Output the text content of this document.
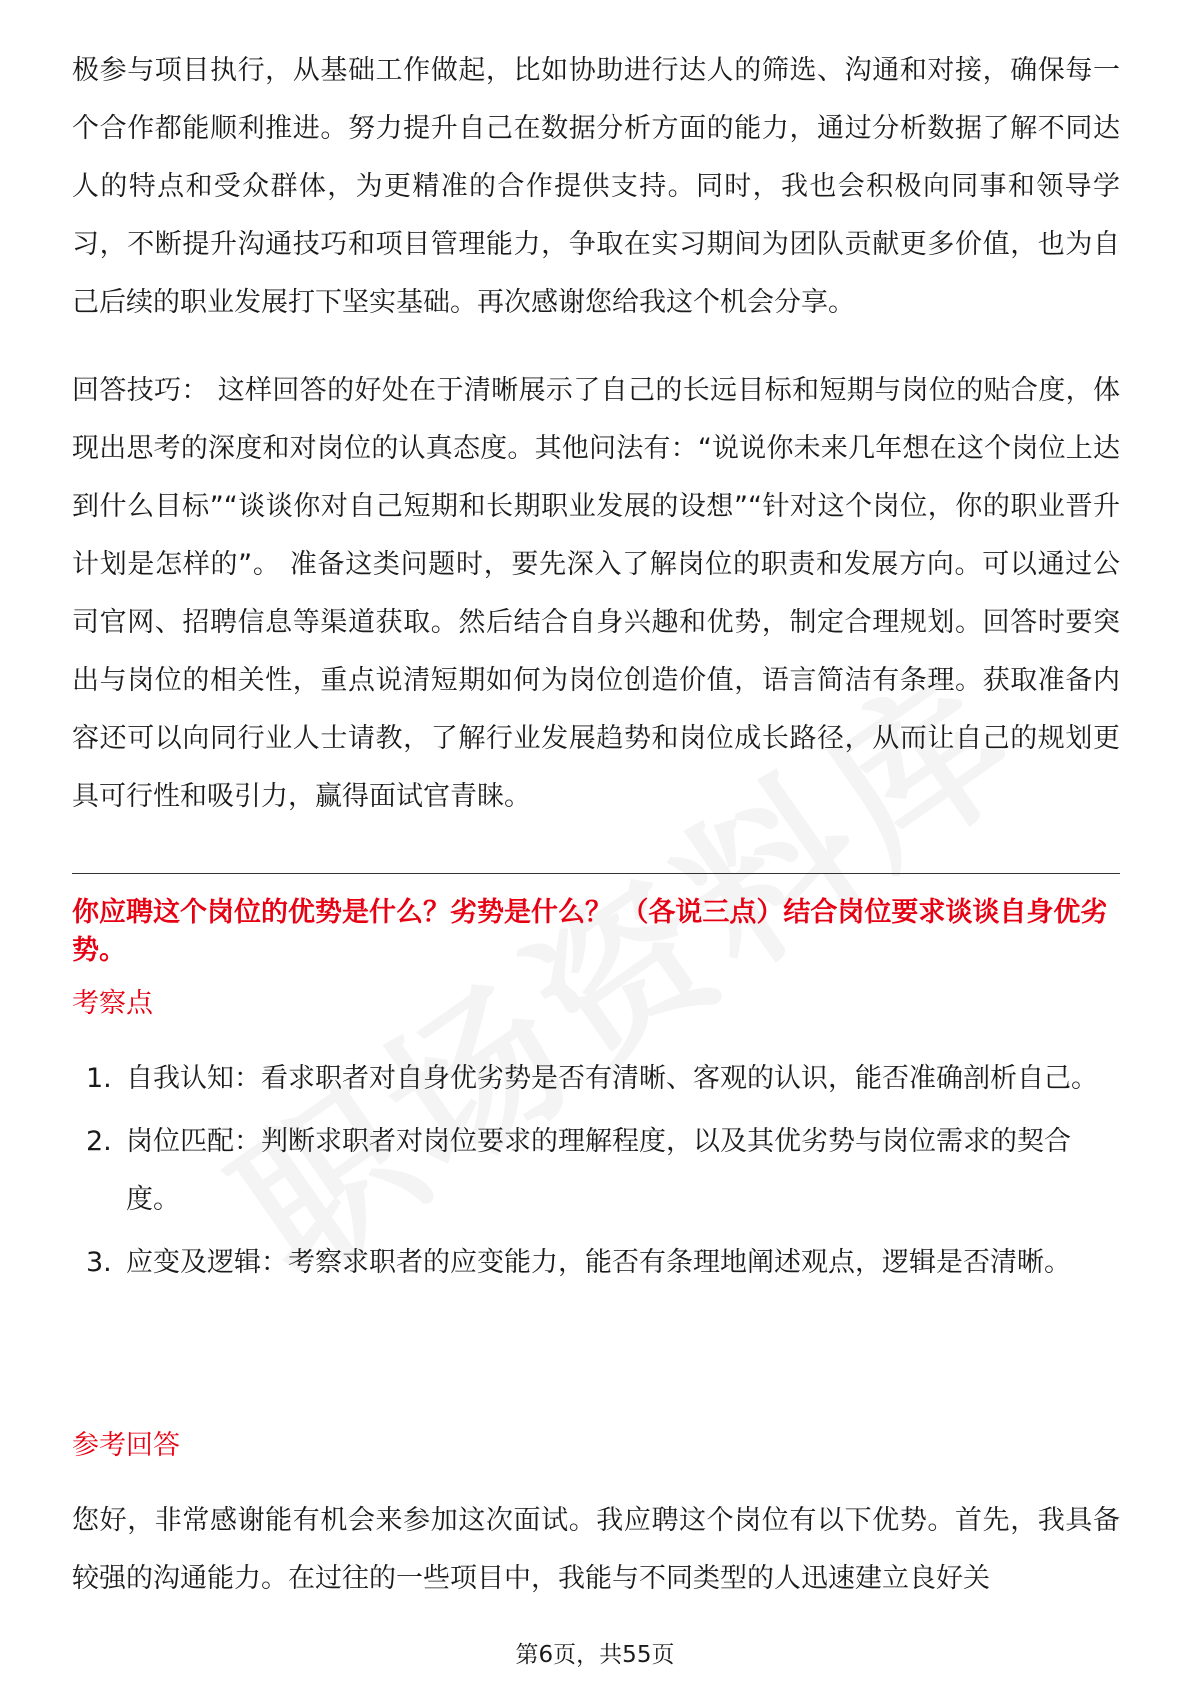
极参与项目执行，从基础工作做起，比如协助进行达人的筛选、沟通和对接，确保每一个合作都能顺利推进。努力提升自己在数据分析方面的能力，通过分析数据了解不同达人的特点和受众群体，为更精准的合作提供支持。同时，我也会积极向同事和领导学习，不断提升沟通技巧和项目管理能力，争取在实习期间为团队贡献更多价值，也为自己后续的职业发展打下坚实基础。再次感谢您给我这个机会分享。

回答技巧： 这样回答的好处在于清晰展示了自己的长远目标和短期与岗位的贴合度，体现出思考的深度和对岗位的认真态度。其他问法有：“说说你未来几年想在这个岗位上达到什么目标”“谈谈你对自己短期和长期职业发展的设想”“针对这个岗位，你的职业晋升计划是怎样的”。 准备这类问题时，要先深入了解岗位的职责和发展方向。可以通过公司官网、招聘信息等渠道获取。然后结合自身兴趣和优势，制定合理规划。回答时要突出与岗位的相关性，重点说清短期如何为岗位创造价值，语言简洁有条理。获取准备内容还可以向同行业人士请教，了解行业发展趋势和岗位成长路径，从而让自己的规划更具可行性和吸引力，赢得面试官青睐。

你应聘这个岗位的优势是什么？劣势是什么？ （各说三点）结合岗位要求谈谈自身优劣势。

考察点

1. 自我认知：看求职者对自身优劣势是否有清晰、客观的认识，能否准确剖析自己。
2. 岗位匹配：判断求职者对岗位要求的理解程度，以及其优劣势与岗位需求的契合度。
3. 应变及逻辑：考察求职者的应变能力，能否有条理地阐述观点，逻辑是否清晰。

参考回答

您好，非常感谢能有机会来参加这次面试。我应聘这个岗位有以下优势。首先，我具备较强的沟通能力。在过往的一些项目中，我能与不同类型的人迅速建立良好关

第6页，共55页
